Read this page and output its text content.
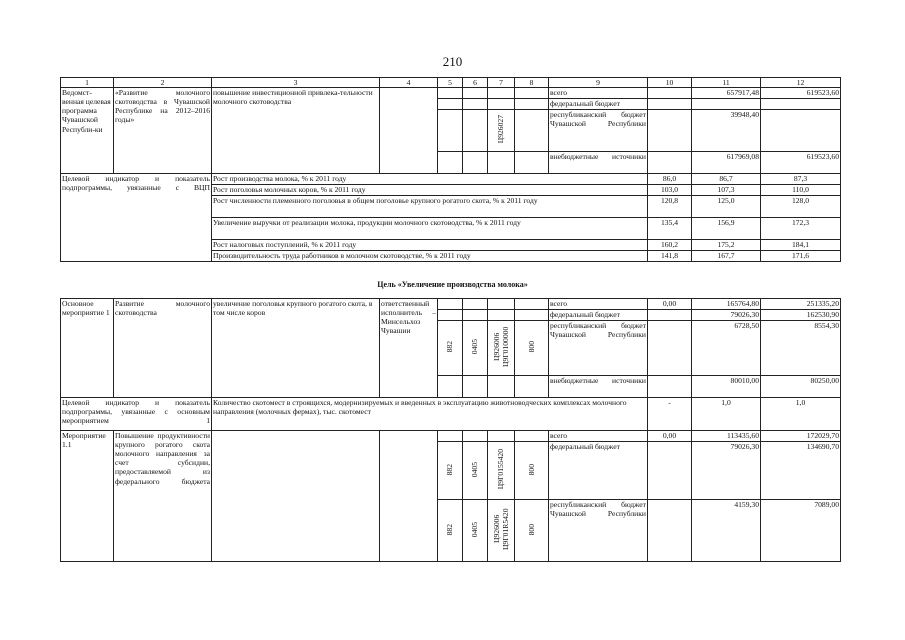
210
1	2	3	4	5	6	7	8	9	10	11	12
Ведомст-венная целевая программа Чувашской Республи-ки	«Развитие молочного скотоводства в Чувашской Республике на 2012–2016 годы»	повышение инвестиционной привлека-тельности молочного скотоводства						всего		657917,48	619523,60
								федеральный бюджет			
						Ц926027		республиканский бюджет Чувашской Республики		39948,40	
								внебюджетные источники		617969,08	619523,60
Целевой индикатор и показатель подпрограммы, увязанные с ВЦП		Рост производства молока, % к 2011 году							86,0	86,7	87,3
		Рост поголовья молочных коров, % к 2011 году							103,0	107,3	110,0
		Рост численности племенного поголовья в общем поголовье крупного рогатого скота, % к 2011 году							120,8	125,0	128,0
		Увеличение выручки от реализации молока, продукции молочного скотоводства, % к 2011 году							135,4	156,9	172,3
		Рост налоговых поступлений, % к 2011 году							160,2	175,2	184,1
		Производительность труда работников в молочном скотоводстве, % к 2011 году							141,8	167,7	171,6
Цель «Увеличение производства молока»
Основное мероприятие 1	Развитие молочного скотоводства	увеличение поголовья крупного рогатого скота, в том числе коров	ответственный исполнитель – Минсельхоз Чувашии					всего	0,00	165764,80	251335,20
								федеральный бюджет		79026,30	162530,90
				882	0405	Ц926006 Ц9Г0100000	800	республиканский бюджет Чувашской Республики		6728,50	8554,30
								внебюджетные источники		80010,00	80250,00
Целевой индикатор и показатель подпрограммы, увязанные с основным мероприятием 1		Количество скотомест в строящихся, модернизируемых и введенных в эксплуатацию животноводческих комплексах молочного направления (молочных фермах), тыс. скотомест							-	1,0	1,0
Мероприятие 1.1	Повышение продуктивности крупного рогатого скота молочного направления за счет субсидии, предоставляемой из федерального бюджета							всего	0,00	113435,60	172029,70
				882	0405	Ц9Г0155420	800	федеральный бюджет		79026,30	134690,70
				882	0405	Ц926006 Ц9Г01R5420	800	республиканский бюджет Чувашской Республики		4159,30	7089,00
